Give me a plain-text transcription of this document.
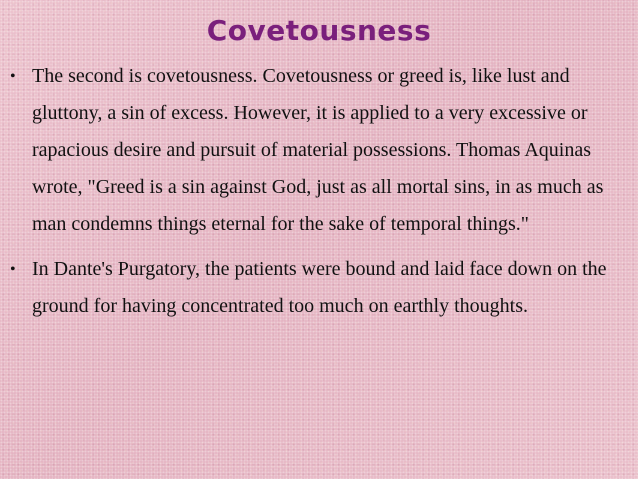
Covetousness
• The second is covetousness. Covetousness or greed is, like lust and gluttony, a sin of excess. However, it is applied to a very excessive or rapacious desire and pursuit of material possessions. Thomas Aquinas wrote, "Greed is a sin against God, just as all mortal sins, in as much as man condemns things eternal for the sake of temporal things."
• In Dante's Purgatory, the patients were bound and laid face down on the ground for having concentrated too much on earthly thoughts.
